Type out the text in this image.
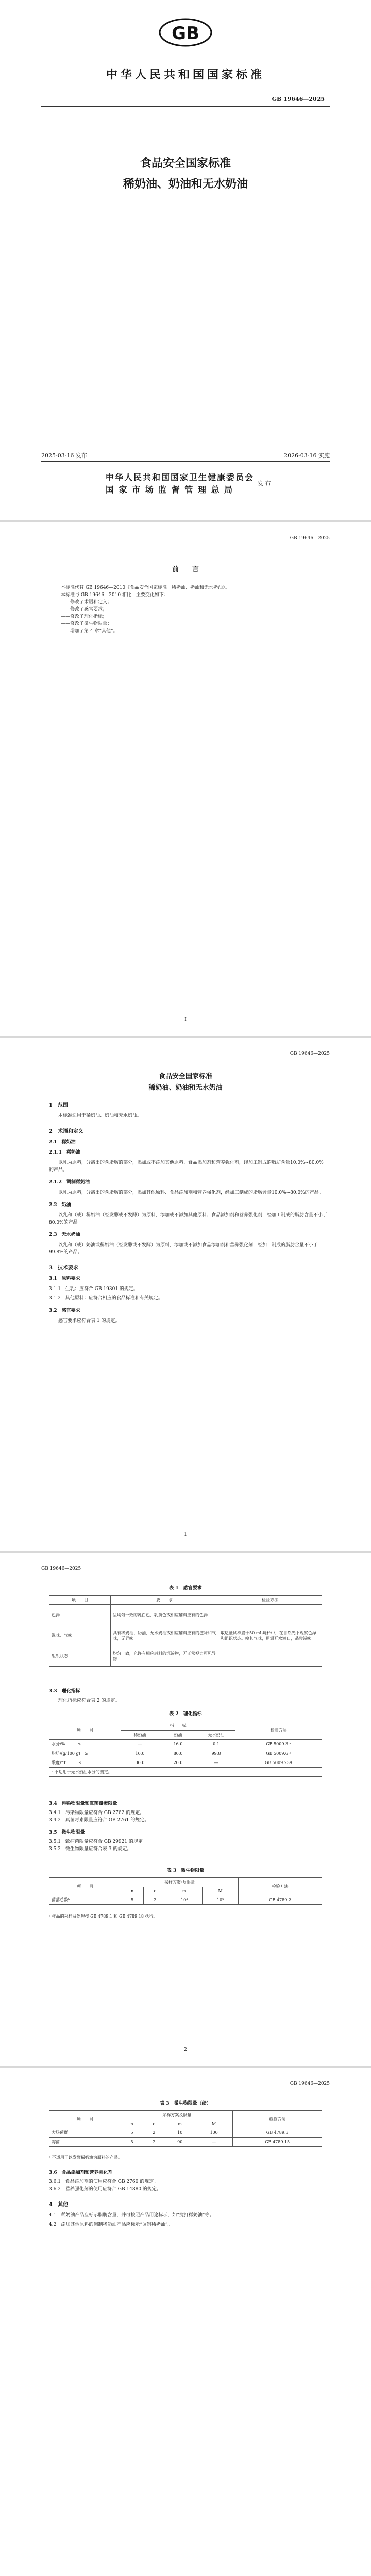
GB
中华人民共和国国家标准
GB 19646—2025
食品安全国家标准
稀奶油、奶油和无水奶油
2025-03-16 发布	2026-03-16 实施
中华人民共和国国家卫生健康委员会
国 家 市 场 监 督 管 理 总 局
发 布
GB 19646—2025
前　　言
本标准代替 GB 19646—2010《食品安全国家标准　稀奶油、奶油和无水奶油》。
本标准与 GB 19646—2010 相比，主要变化如下：
——修改了术语和定义；
——修改了感官要求；
——修改了理化指标；
——修改了微生物限量；
——增加了第 4 章“其他”。
Ⅰ
GB 19646—2025
食品安全国家标准
稀奶油、奶油和无水奶油
1　范围
本标准适用于稀奶油、奶油和无水奶油。
2　术语和定义
2.1　稀奶油
2.1.1　稀奶油
以乳为原料，分离出的含脂肪的部分，添加或不添加其他原料、食品添加剂和营养强化剂，经加工制成的脂肪含量10.0%~80.0%的产品。
2.1.2　调制稀奶油
以乳为原料，分离出的含脂肪的部分，添加其他原料、食品添加剂和营养强化剂，经加工制成的脂肪含量10.0%~80.0%的产品。
2.2　奶油
以乳和（或）稀奶油（经发酵或不发酵）为原料，添加或不添加其他原料、食品添加剂和营养强化剂，经加工制成的脂肪含量不小于80.0%的产品。
2.3　无水奶油
以乳和（或）奶油或稀奶油（经发酵或不发酵）为原料，添加或不添加食品添加剂和营养强化剂，经加工制成的脂肪含量不小于99.8%的产品。
3　技术要求
3.1　原料要求
3.1.1　生乳：应符合 GB 19301 的规定。
3.1.2　其他原料：应符合相应的食品标准和有关规定。
3.2　感官要求
感官要求应符合表 1 的规定。
1
GB 19646—2025
表 1　感官要求
项　　目	要　　求	检验方法
色泽	呈均匀一致的乳白色、乳黄色或相应辅料应有的色泽	取适量试样置于50 mL烧杯中，在自然光下观察色泽和组织状态。嗅其气味，用温开水漱口，品尝滋味
滋味、气味	具有稀奶油、奶油、无水奶油或相应辅料应有的滋味和气味，无异味	
组织状态	均匀一致，允许有相应辅料的沉淀物，无正常视力可见异物	
3.3　理化指标
理化指标应符合表 2 的规定。
表 2　理化指标
项　　目	指　　标			检验方法
	稀奶油	奶油	无水奶油	
水分/%　　　≤	—	16.0	0.1	GB 5009.3 ᵃ
脂肪/(g/100 g)　≥	10.0	80.0	99.8	GB 5009.6 ᵇ
酸度/°T　　　≤	30.0	20.0	—	GB 5009.239
ᵃ 不适用于无水奶油水分的测定。				
3.4　污染物限量和真菌毒素限量
3.4.1　污染物限量应符合 GB 2762 的规定。
3.4.2　真菌毒素限量应符合 GB 2761 的规定。
3.5　微生物限量
3.5.1　致病菌限量应符合 GB 29921 的规定。
3.5.2　微生物限量应符合表 3 的规定。
表 3　微生物限量
项　　目	采样方案ᵃ及限量				检验方法
	n	c	m	M	
菌落总数ᵇ	5	2	10⁴	10⁵	GB 4789.2
ᵃ 样品的采样及处理按 GB 4789.1 和 GB 4789.18 执行。
2
GB 19646—2025
表 3　微生物限量（续）
项　　目	采样方案及限量				检验方法
	n	c	m	M	
大肠菌群	5	2	10	100	GB 4789.3
霉菌	5	2	90	—	GB 4789.15
ᵇ 不适用于以发酵稀奶油为原料的产品。
3.6　食品添加剂和营养强化剂
3.6.1　食品添加剂的使用应符合 GB 2760 的规定。
3.6.2　营养强化剂的使用应符合 GB 14880 的规定。
4　其他
4.1　稀奶油产品应标示脂肪含量，并可按照产品用途标示，如“搅打稀奶油”等。
4.2　添加其他原料的调制稀奶油产品应标示“调制稀奶油”。
